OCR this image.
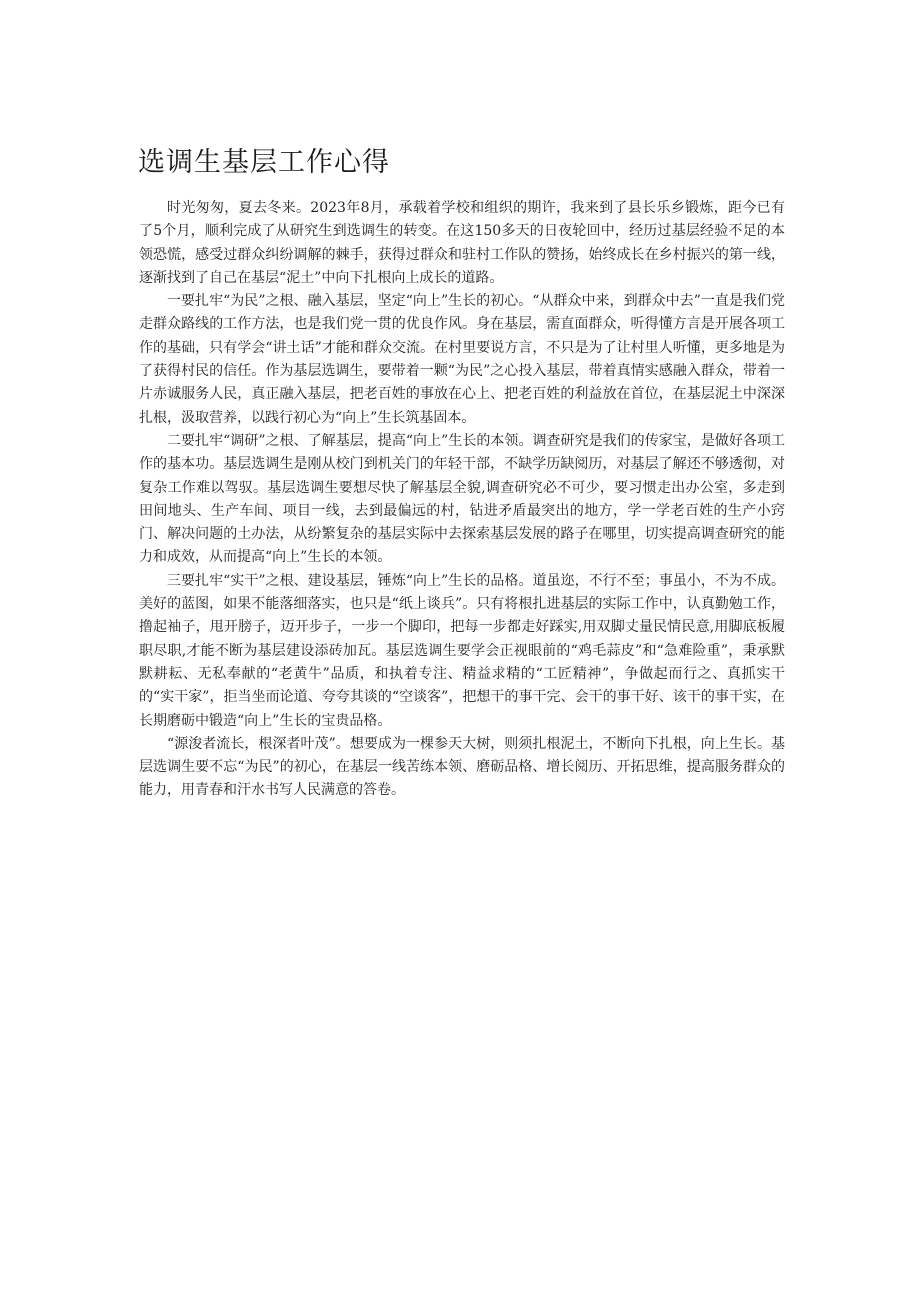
选调生基层工作心得

时光匆匆，夏去冬来。2023年8月，承载着学校和组织的期许，我来到了县长乐乡锻炼，距今已有了5个月，顺利完成了从研究生到选调生的转变。在这150多天的日夜轮回中，经历过基层经验不足的本领恐慌，感受过群众纠纷调解的棘手，获得过群众和驻村工作队的赞扬，始终成长在乡村振兴的第一线，逐渐找到了自己在基层“泥土”中向下扎根向上成长的道路。

一要扎牢“为民”之根、融入基层，坚定“向上”生长的初心。“从群众中来，到群众中去”一直是我们党走群众路线的工作方法，也是我们党一贯的优良作风。身在基层，需直面群众，听得懂方言是开展各项工作的基础，只有学会“讲土话”才能和群众交流。在村里要说方言，不只是为了让村里人听懂，更多地是为了获得村民的信任。作为基层选调生，要带着一颗“为民”之心投入基层，带着真情实感融入群众，带着一片赤诚服务人民，真正融入基层，把老百姓的事放在心上、把老百姓的利益放在首位，在基层泥土中深深扎根，汲取营养，以践行初心为“向上”生长筑基固本。

二要扎牢“调研”之根、了解基层，提高“向上”生长的本领。调查研究是我们的传家宝，是做好各项工作的基本功。基层选调生是刚从校门到机关门的年轻干部，不缺学历缺阅历，对基层了解还不够透彻，对复杂工作难以驾驭。基层选调生要想尽快了解基层全貌,调查研究必不可少，要习惯走出办公室，多走到田间地头、生产车间、项目一线，去到最偏远的村，钻进矛盾最突出的地方，学一学老百姓的生产小窍门、解决问题的土办法，从纷繁复杂的基层实际中去探索基层发展的路子在哪里，切实提高调查研究的能力和成效，从而提高“向上”生长的本领。

三要扎牢“实干”之根、建设基层，锤炼“向上”生长的品格。道虽迩，不行不至；事虽小，不为不成。美好的蓝图，如果不能落细落实，也只是“纸上谈兵”。只有将根扎进基层的实际工作中，认真勤勉工作，撸起袖子，甩开膀子，迈开步子，一步一个脚印，把每一步都走好踩实,用双脚丈量民情民意,用脚底板履职尽职,才能不断为基层建设添砖加瓦。基层选调生要学会正视眼前的“鸡毛蒜皮”和“急难险重”，秉承默默耕耘、无私奉献的“老黄牛”品质，和执着专注、精益求精的“工匠精神”，争做起而行之、真抓实干的“实干家”，拒当坐而论道、夸夸其谈的“空谈客”，把想干的事干完、会干的事干好、该干的事干实，在长期磨砺中锻造“向上”生长的宝贵品格。

“源浚者流长，根深者叶茂”。想要成为一棵参天大树，则须扎根泥土，不断向下扎根，向上生长。基层选调生要不忘“为民”的初心，在基层一线苦练本领、磨砺品格、增长阅历、开拓思维，提高服务群众的能力，用青春和汗水书写人民满意的答卷。
